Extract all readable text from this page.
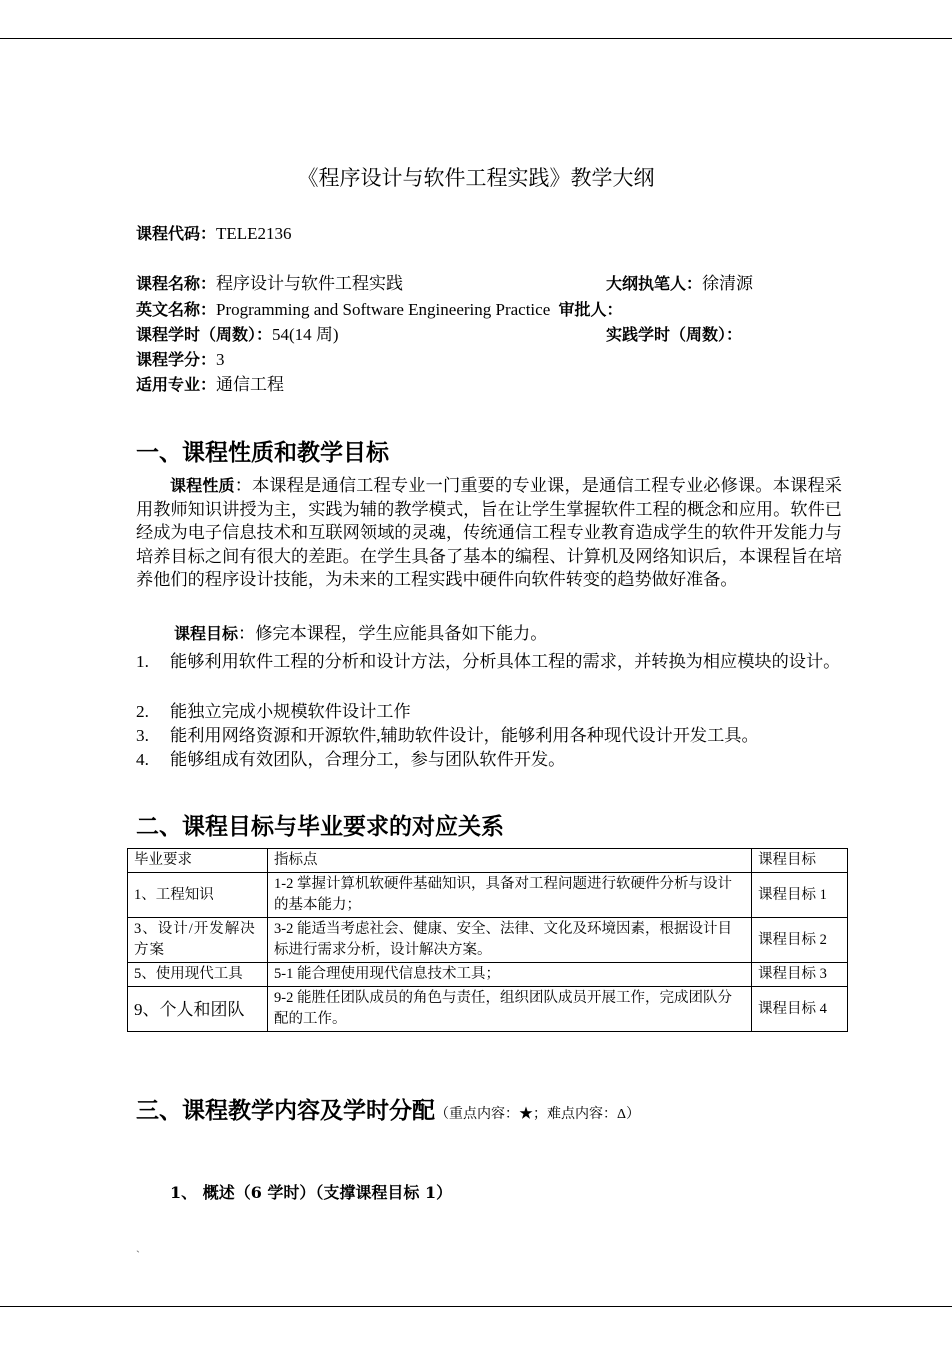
《程序设计与软件工程实践》教学大纲
课程代码：TELE2136
课程名称：程序设计与软件工程实践	大纲执笔人：徐清源
英文名称：Programming and Software Engineering Practice 审批人：
课程学时（周数）：54(14 周)	实践学时（周数）：
课程学分：3
适用专业：通信工程
一、课程性质和教学目标
课程性质：本课程是通信工程专业一门重要的专业课，是通信工程专业必修课。本课程采用教师知识讲授为主，实践为辅的教学模式，旨在让学生掌握软件工程的概念和应用。软件已经成为电子信息技术和互联网领域的灵魂，传统通信工程专业教育造成学生的软件开发能力与培养目标之间有很大的差距。在学生具备了基本的编程、计算机及网络知识后，本课程旨在培养他们的程序设计技能，为未来的工程实践中硬件向软件转变的趋势做好准备。
课程目标：修完本课程，学生应能具备如下能力。
1. 能够利用软件工程的分析和设计方法，分析具体工程的需求，并转换为相应模块的设计。
2. 能独立完成小规模软件设计工作
3. 能利用网络资源和开源软件,辅助软件设计，能够利用各种现代设计开发工具。
4. 能够组成有效团队，合理分工，参与团队软件开发。
二、课程目标与毕业要求的对应关系
毕业要求	指标点	课程目标
1、工程知识	1-2 掌握计算机软硬件基础知识，具备对工程问题进行软硬件分析与设计的基本能力；	课程目标 1
3、设计/开发解决方案	3-2 能适当考虑社会、健康、安全、法律、文化及环境因素，根据设计目标进行需求分析，设计解决方案。	课程目标 2
5、使用现代工具	5-1 能合理使用现代信息技术工具；	课程目标 3
9、个人和团队	9-2 能胜任团队成员的角色与责任，组织团队成员开展工作，完成团队分配的工作。	课程目标 4
三、课程教学内容及学时分配（重点内容：★；难点内容：Δ）
1、 概述（6 学时）（支撑课程目标 1）
`
